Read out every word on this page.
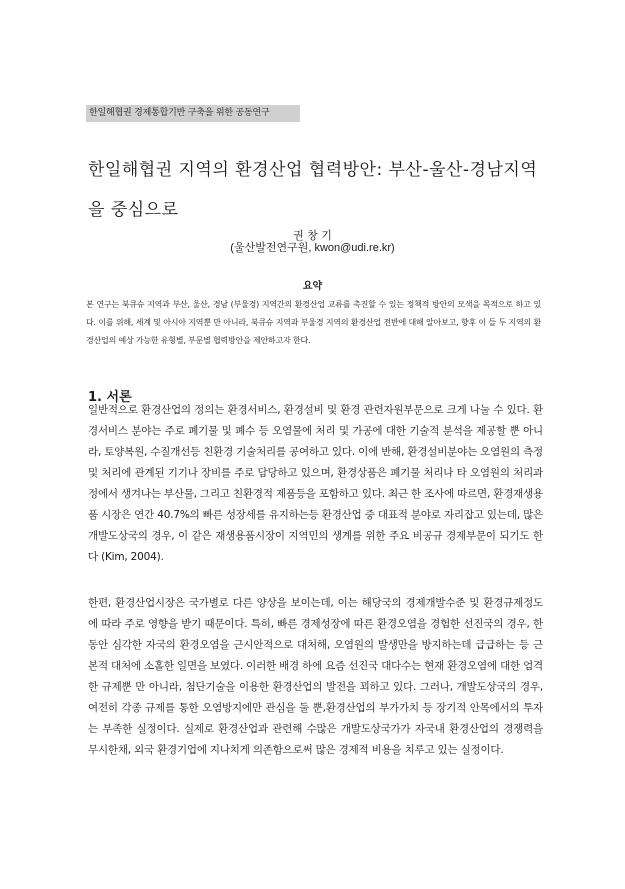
한일해협권 경제통합기반 구축을 위한 공동연구
한일해협권 지역의 환경산업 협력방안: 부산-울산-경남지역을 중심으로
권 창 기
(울산발전연구원, kwon@udi.re.kr)
요약
본 연구는 북큐슈 지역과 부산, 울산, 경남 (부울경) 지역간의 환경산업 교류를 촉진할 수 있는 정책적 방안의 모색을 목적으로 하고 있다. 이를 위해, 세계 및 아시아 지역뿐 만 아니라, 북큐슈 지역과 부울경 지역의 환경산업 전반에 대해 알아보고, 향후 이 들 두 지역의 환경산업의 예상 가능한 유형별, 부문별 협력방안을 제안하고자 한다.
1. 서론
일반적으로 환경산업의 정의는 환경서비스, 환경설비 및 환경 관련자원부문으로 크게 나눌 수 있다. 환경서비스 분야는 주로 폐기물 및 폐수 등 오염물에 처리 및 가공에 대한 기술적 분석을 제공할 뿐 아니라, 토양복원, 수질개선등 친환경 기술처리를 공여하고 있다. 이에 반해, 환경설비분야는 오염원의 측정 및 처리에 관계된 기기나 장비를 주로 담당하고 있으며, 환경상품은 폐기물 처리나 타 오염원의 처리과정에서 생겨나는 부산물, 그리고 친환경적 제품등을 포함하고 있다. 최근 한 조사에 따르면, 환경재생용품 시장은 연간 40.7%의 빠른 성장세를 유지하는등 환경산업 중 대표적 분야로 자리잡고 있는데, 많은 개발도상국의 경우, 이 같은 재생용품시장이 지역민의 생계를 위한 주요 비공규 경제부문이 되기도 한다 (Kim, 2004).
한편, 환경산업시장은 국가별로 다른 양상을 보이는데, 이는 해당국의 경제개발수준 및 환경규제정도에 따라 주로 영향을 받기 때문이다. 특히, 빠른 경제성장에 따른 환경오염을 경험한 선진국의 경우, 한동안 심각한 자국의 환경오염을 근시안적으로 대처해, 오염원의 발생만을 방지하는데 급급하는 등 근본적 대처에 소홀한 일면을 보였다. 이러한 배경 하에 요즘 선진국 대다수는 현재 환경오염에 대한 엄격한 규제뿐 만 아니라, 첨단기술을 이용한 환경산업의 발전을 꾀하고 있다. 그러나, 개발도상국의 경우, 여전히 각종 규제를 통한 오염방지에만 관심을 둘 뿐,환경산업의 부가가치 등 장기적 안목에서의 투자는 부족한 실정이다. 실제로 환경산업과 관련해 수많은 개발도상국가가 자국내 환경산업의 경쟁력을 무시한채, 외국 환경기업에 지나치게 의존함으로써 많은 경제적 비용을 치루고 있는 실정이다.
